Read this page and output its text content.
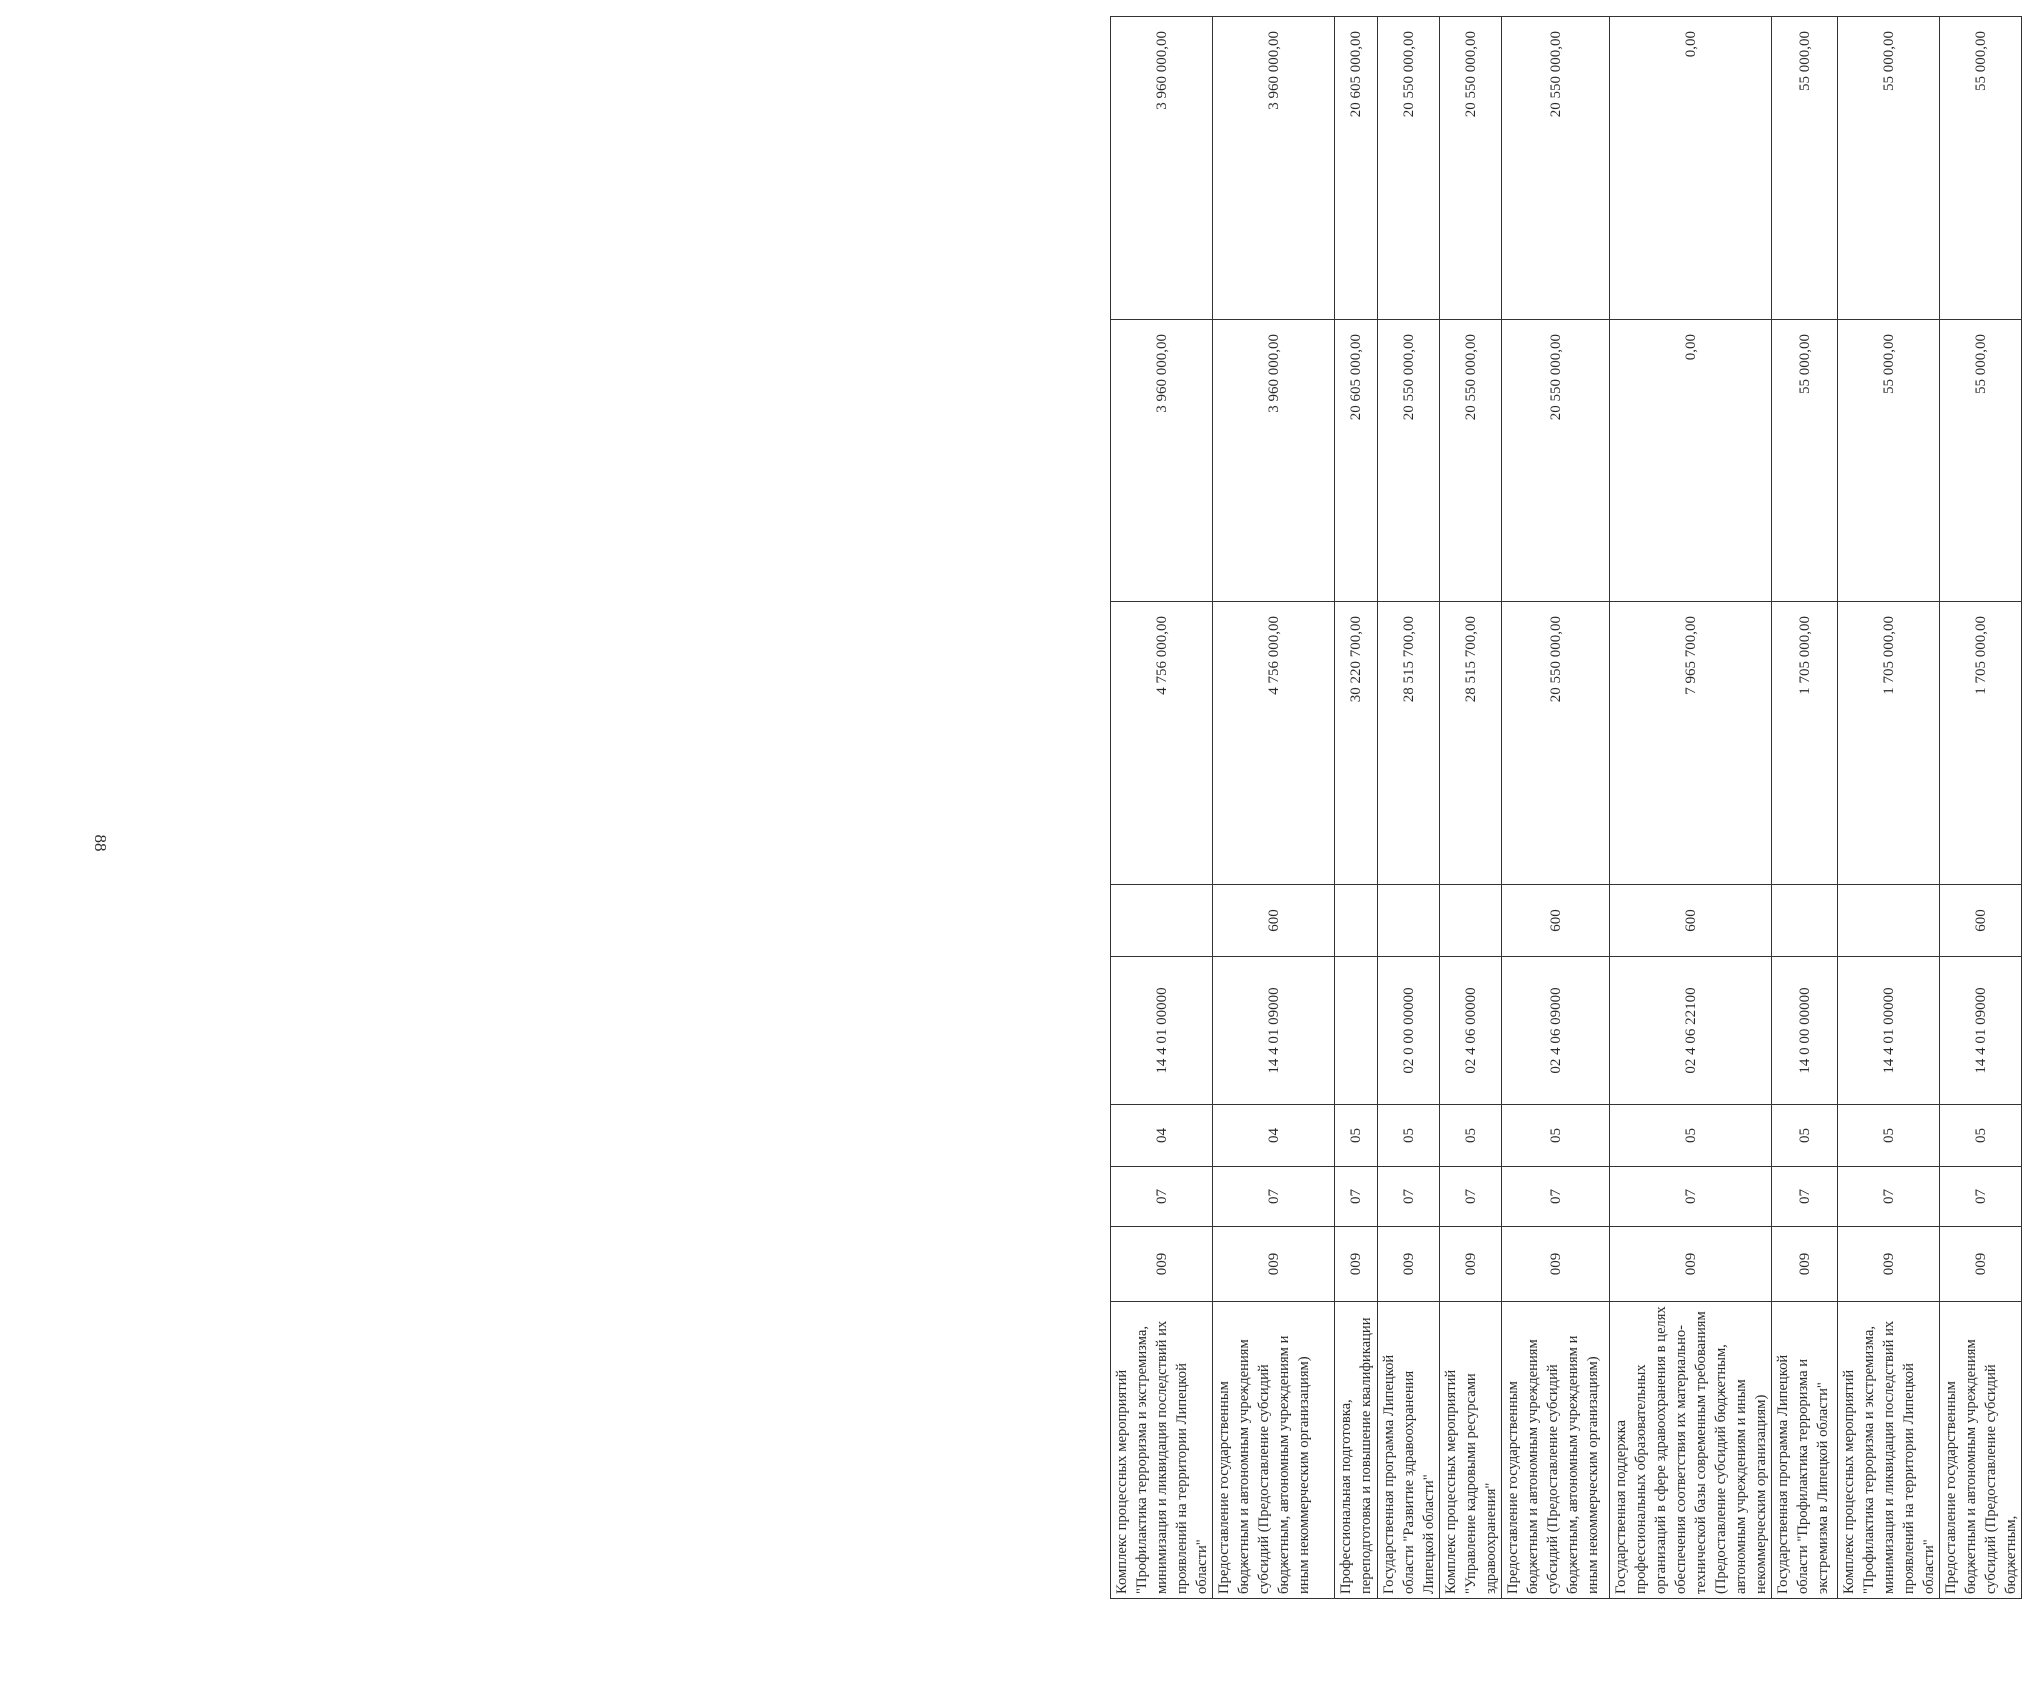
88
Комплекс процессных мероприятий "Профилактика терроризма и экстремизма, минимизация и ликвидация последствий их проявлений на территории Липецкой области"	009	07	04	14 4 01 00000		4 756 000,00	3 960 000,00	3 960 000,00
Предоставление государственным бюджетным и автономным учреждениям субсидий (Предоставление субсидий бюджетным, автономным учреждениям и иным некоммерческим организациям)	009	07	04	14 4 01 09000	600	4 756 000,00	3 960 000,00	3 960 000,00
Профессиональная подготовка, переподготовка и повышение квалификации	009	07	05			30 220 700,00	20 605 000,00	20 605 000,00
Государственная программа Липецкой области "Развитие здравоохранения Липецкой области"	009	07	05	02 0 00 00000		28 515 700,00	20 550 000,00	20 550 000,00
Комплекс процессных мероприятий "Управление кадровыми ресурсами здравоохранения"	009	07	05	02 4 06 00000		28 515 700,00	20 550 000,00	20 550 000,00
Предоставление государственным бюджетным и автономным учреждениям субсидий (Предоставление субсидий бюджетным, автономным учреждениям и иным некоммерческим организациям)	009	07	05	02 4 06 09000	600	20 550 000,00	20 550 000,00	20 550 000,00
Государственная поддержка профессиональных образовательных организаций в сфере здравоохранения в целях обеспечения соответствия их материально-технической базы современным требованиям (Предоставление субсидий бюджетным, автономным учреждениям и иным некоммерческим организациям)	009	07	05	02 4 06 22100	600	7 965 700,00	0,00	0,00
Государственная программа Липецкой области "Профилактика терроризма и экстремизма в Липецкой области"	009	07	05	14 0 00 00000		1 705 000,00	55 000,00	55 000,00
Комплекс процессных мероприятий "Профилактика терроризма и экстремизма, минимизация и ликвидация последствий их проявлений на территории Липецкой области"	009	07	05	14 4 01 00000		1 705 000,00	55 000,00	55 000,00
Предоставление государственным бюджетным и автономным учреждениям субсидий (Предоставление субсидий бюджетным,	009	07	05	14 4 01 09000	600	1 705 000,00	55 000,00	55 000,00
